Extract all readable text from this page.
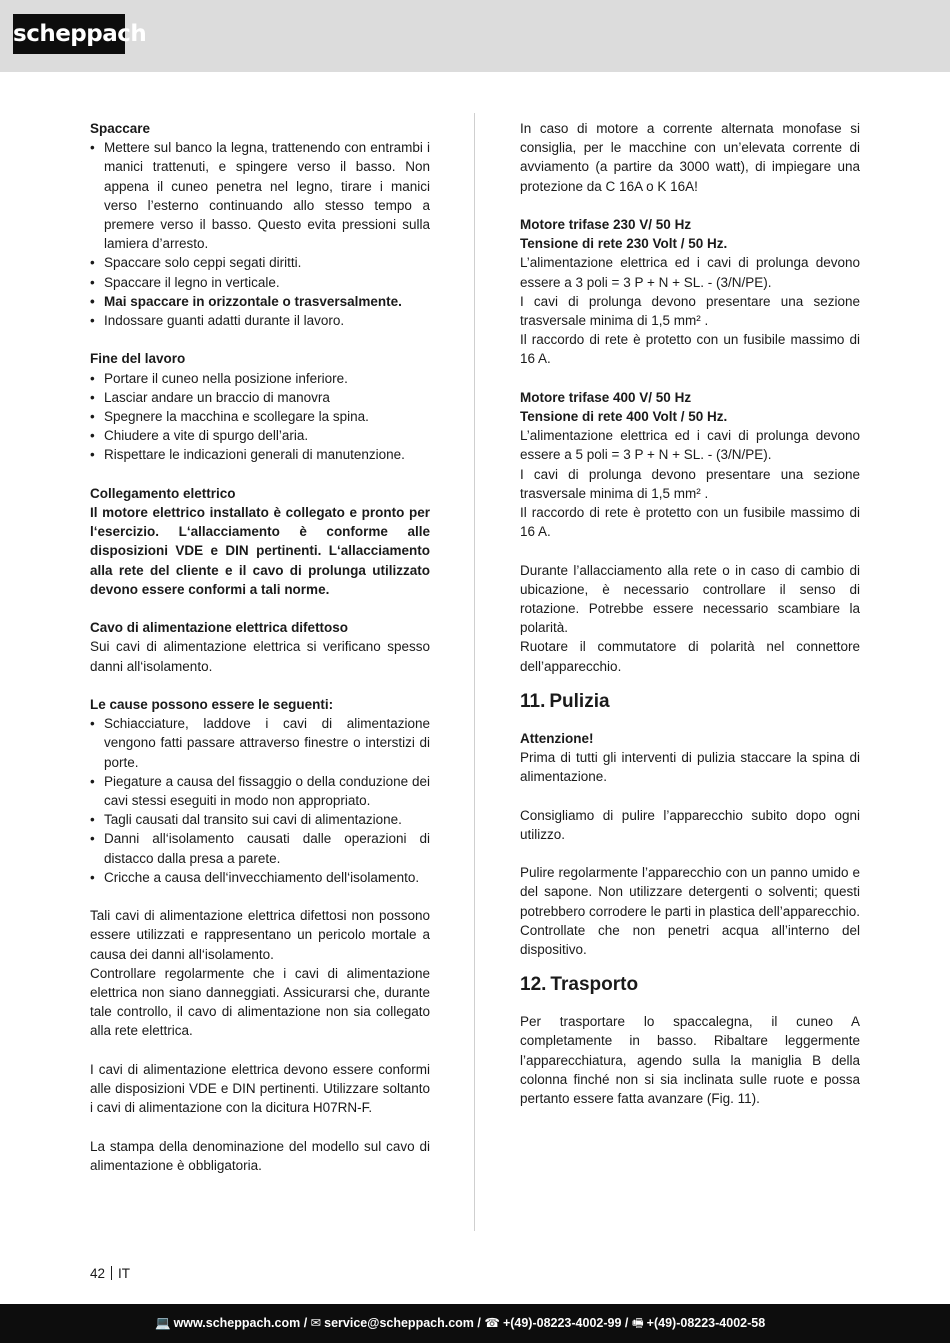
scheppach
Spaccare
• Mettere sul banco la legna, trattenendo con entrambi i manici trattenuti, e spingere verso il basso. Non appena il cuneo penetra nel legno, tirare i manici verso l’esterno continuando allo stesso tempo a premere verso il basso. Questo evita pressioni sulla lamiera d’arresto.
• Spaccare solo ceppi segati diritti.
• Spaccare il legno in verticale.
• Mai spaccare in orizzontale o trasversalmente.
• Indossare guanti adatti durante il lavoro.
Fine del lavoro
• Portare il cuneo nella posizione inferiore.
• Lasciar andare un braccio di manovra
• Spegnere la macchina e scollegare la spina.
• Chiudere a vite di spurgo dell’aria.
• Rispettare le indicazioni generali di manutenzione.
Collegamento elettrico

Il motore elettrico installato è collegato e pronto per l‘esercizio. L‘allacciamento è conforme alle disposizioni VDE e DIN pertinenti. L‘allacciamento alla rete del cliente e il cavo di prolunga utilizzato devono essere conformi a tali norme.

Cavo di alimentazione elettrica difettoso

Sui cavi di alimentazione elettrica si verificano spesso danni all‘isolamento.

Le cause possono essere le seguenti:
• Schiacciature, laddove i cavi di alimentazione vengono fatti passare attraverso finestre o interstizi di porte.
• Piegature a causa del fissaggio o della conduzione dei cavi stessi eseguiti in modo non appropriato.
• Tagli causati dal transito sui cavi di alimentazione.
• Danni all‘isolamento causati dalle operazioni di distacco dalla presa a parete.
• Cricche a causa dell‘invecchiamento dell‘isolamento.

Tali cavi di alimentazione elettrica difettosi non possono essere utilizzati e rappresentano un pericolo mortale a causa dei danni all‘isolamento.

Controllare regolarmente che i cavi di alimentazione elettrica non siano danneggiati. Assicurarsi che, durante tale controllo, il cavo di alimentazione non sia collegato alla rete elettrica.

I cavi di alimentazione elettrica devono essere conformi alle disposizioni VDE e DIN pertinenti. Utilizzare soltanto i cavi di alimentazione con la dicitura H07RN-F.

La stampa della denominazione del modello sul cavo di alimentazione è obbligatoria.

In caso di motore a corrente alternata monofase si consiglia, per le macchine con un’elevata corrente di avviamento (a partire da 3000 watt), di impiegare una protezione da C 16A o K 16A!

Motore trifase 230 V/ 50 Hz
Tensione di rete 230 Volt / 50 Hz.

L’alimentazione elettrica ed i cavi di prolunga devono essere a 3 poli = 3 P + N + SL. - (3/N/PE).

I cavi di prolunga devono presentare una sezione trasversale minima di 1,5 mm² .

Il raccordo di rete è protetto con un fusibile massimo di 16 A.

Motore trifase 400 V/ 50 Hz
Tensione di rete 400 Volt / 50 Hz.

L’alimentazione elettrica ed i cavi di prolunga devono essere a 5 poli = 3 P + N + SL. - (3/N/PE).

I cavi di prolunga devono presentare una sezione trasversale minima di 1,5 mm² .

Il raccordo di rete è protetto con un fusibile massimo di 16 A.

Durante l’allacciamento alla rete o in caso di cambio di ubicazione, è necessario controllare il senso di rotazione. Potrebbe essere necessario scambiare la polarità.

Ruotare il commutatore di polarità nel connettore dell’apparecchio.

11. Pulizia
Attenzione!

Prima di tutti gli interventi di pulizia staccare la spina di alimentazione.

Consigliamo di pulire l’apparecchio subito dopo ogni utilizzo.

Pulire regolarmente l’apparecchio con un panno umido e del sapone. Non utilizzare detergenti o solventi; questi potrebbero corrodere le parti in plastica dell’apparecchio. Controllate che non penetri acqua all’interno del dispositivo.

12. Trasporto

Per trasportare lo spaccalegna, il cuneo A completamente in basso. Ribaltare leggermente l’apparecchiatura, agendo sulla la maniglia B della colonna finché non si sia inclinata sulle ruote e possa pertanto essere fatta avanzare (Fig. 11).

42 IT
💻 www.scheppach.com / ✉ service@scheppach.com / ☎ +(49)-08223-4002-99 / 🖷 +(49)-08223-4002-58
